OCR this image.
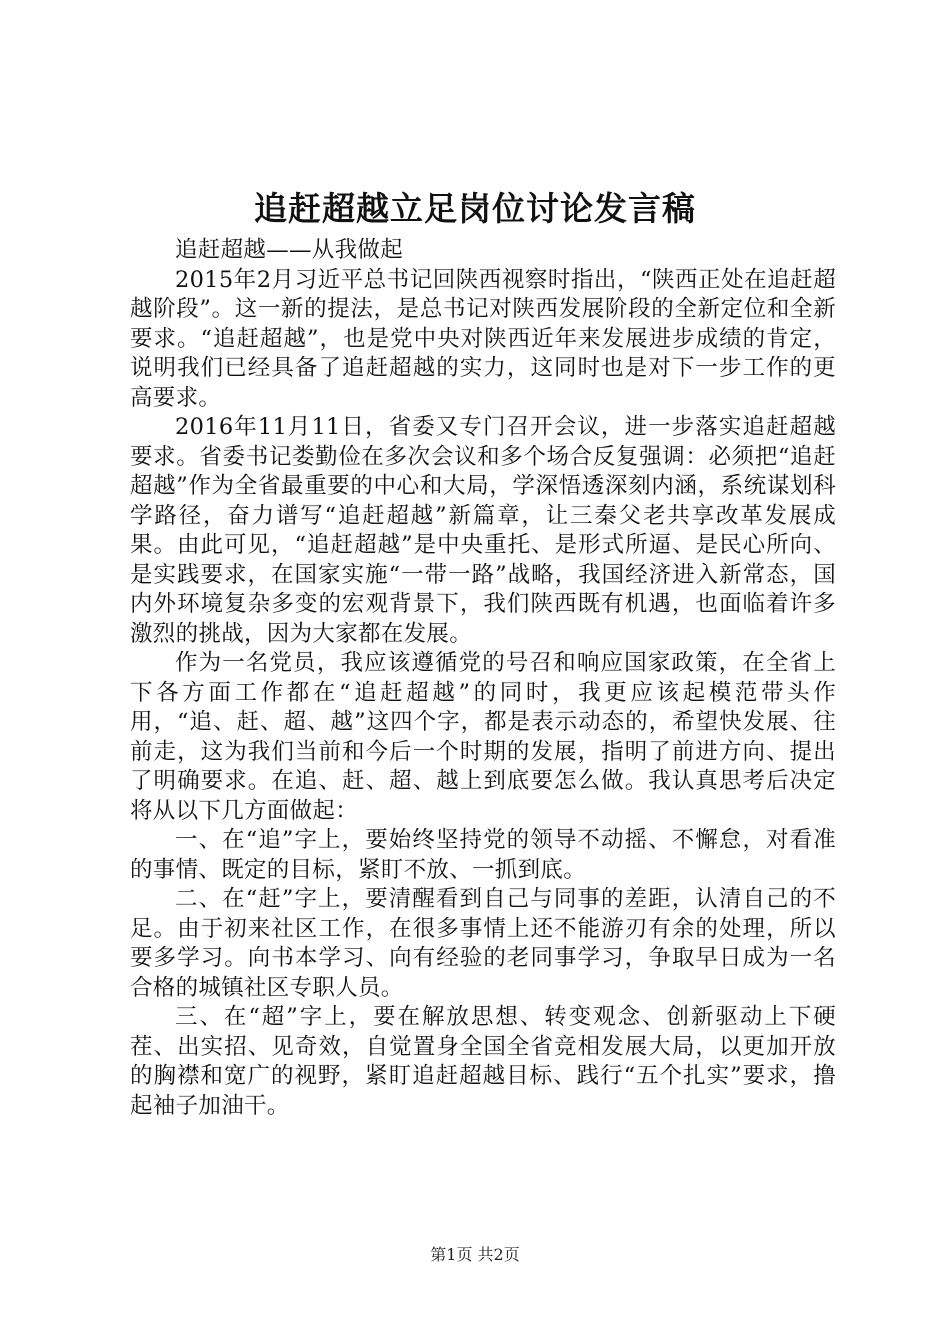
追赶超越立足岗位讨论发言稿

追赶超越——从我做起

2015年2月习近平总书记回陕西视察时指出，“陕西正处在追赶超越阶段”。这一新的提法，是总书记对陕西发展阶段的全新定位和全新要求。“追赶超越”，也是党中央对陕西近年来发展进步成绩的肯定，说明我们已经具备了追赶超越的实力，这同时也是对下一步工作的更高要求。

2016年11月11日，省委又专门召开会议，进一步落实追赶超越要求。省委书记娄勤俭在多次会议和多个场合反复强调：必须把“追赶超越”作为全省最重要的中心和大局，学深悟透深刻内涵，系统谋划科学路径，奋力谱写“追赶超越”新篇章，让三秦父老共享改革发展成果。由此可见，“追赶超越”是中央重托、是形式所逼、是民心所向、是实践要求，在国家实施“一带一路”战略，我国经济进入新常态，国内外环境复杂多变的宏观背景下，我们陕西既有机遇，也面临着许多激烈的挑战，因为大家都在发展。

作为一名党员，我应该遵循党的号召和响应国家政策，在全省上下各方面工作都在“追赶超越”的同时，我更应该起模范带头作用，“追、赶、超、越”这四个字，都是表示动态的，希望快发展、往前走，这为我们当前和今后一个时期的发展，指明了前进方向、提出了明确要求。在追、赶、超、越上到底要怎么做。我认真思考后决定将从以下几方面做起：

一、在“追”字上，要始终坚持党的领导不动摇、不懈怠，对看准的事情、既定的目标，紧盯不放、一抓到底。

二、在“赶”字上，要清醒看到自己与同事的差距，认清自己的不足。由于初来社区工作，在很多事情上还不能游刃有余的处理，所以要多学习。向书本学习、向有经验的老同事学习，争取早日成为一名合格的城镇社区专职人员。

三、在“超”字上，要在解放思想、转变观念、创新驱动上下硬茬、出实招、见奇效，自觉置身全国全省竞相发展大局，以更加开放的胸襟和宽广的视野，紧盯追赶超越目标、践行“五个扎实”要求，撸起袖子加油干。

第1页 共2页
